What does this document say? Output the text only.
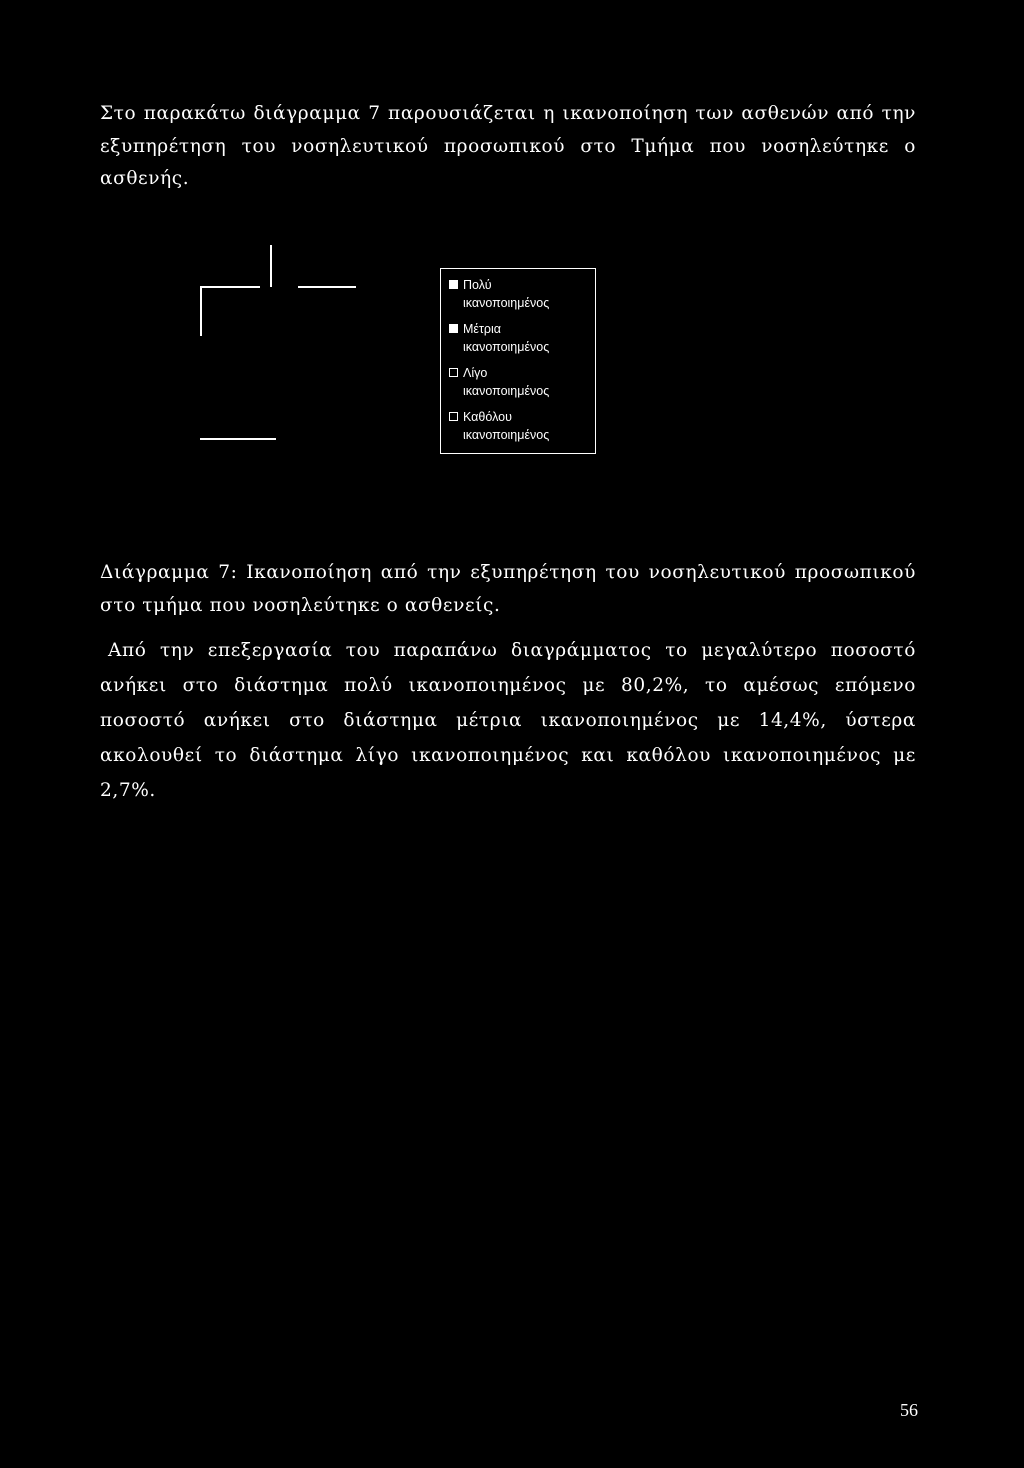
Στο παρακάτω διάγραμμα 7 παρουσιάζεται η ικανοποίηση των ασθενών από την εξυπηρέτηση του νοσηλευτικού προσωπικού στο Τμήμα που νοσηλεύτηκε ο ασθενής.

Πολύ
ικανοποιημένος
Μέτρια
ικανοποιημένος
Λίγο
ικανοποιημένος
Καθόλου
ικανοποιημένος

Διάγραμμα 7: Ικανοποίηση από την εξυπηρέτηση του νοσηλευτικού προσωπικού στο τμήμα που νοσηλεύτηκε ο ασθενείς.

Από την επεξεργασία του παραπάνω διαγράμματος το μεγαλύτερο ποσοστό ανήκει στο διάστημα πολύ ικανοποιημένος με 80,2%, το αμέσως επόμενο ποσοστό ανήκει στο διάστημα μέτρια ικανοποιημένος με 14,4%, ύστερα ακολουθεί το διάστημα λίγο ικανοποιημένος και καθόλου ικανοποιημένος με 2,7%.

56
